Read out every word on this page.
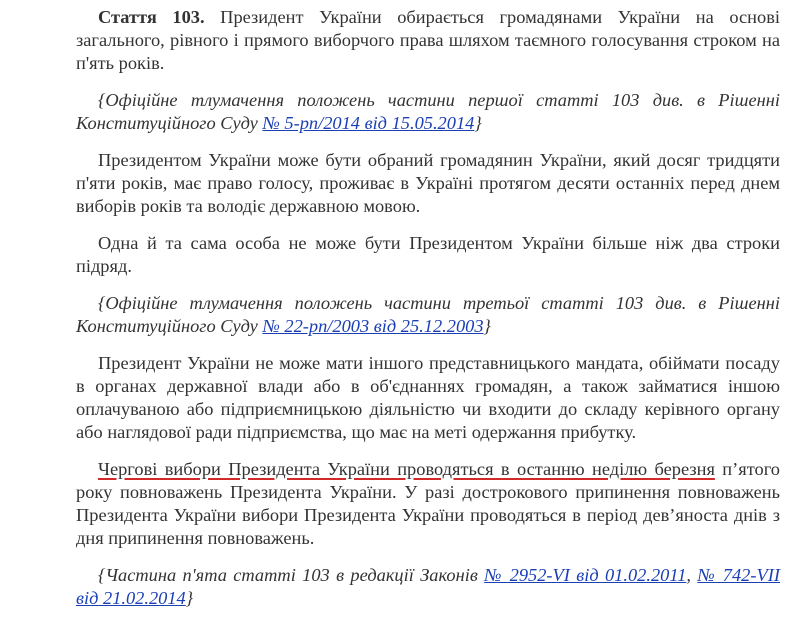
Стаття 103. Президент України обирається громадянами України на основі загального, рівного і прямого виборчого права шляхом таємного голосування строком на п'ять років.

{Офіційне тлумачення положень частини першої статті 103 див. в Рішенні Конституційного Суду № 5-рп/2014 від 15.05.2014}

Президентом України може бути обраний громадянин України, який досяг тридцяти п'яти років, має право голосу, проживає в Україні протягом десяти останніх перед днем виборів років та володіє державною мовою.

Одна й та сама особа не може бути Президентом України більше ніж два строки підряд.

{Офіційне тлумачення положень частини третьої статті 103 див. в Рішенні Конституційного Суду № 22-рп/2003 від 25.12.2003}

Президент України не може мати іншого представницького мандата, обіймати посаду в органах державної влади або в об'єднаннях громадян, а також займатися іншою оплачуваною або підприємницькою діяльністю чи входити до складу керівного органу або наглядової ради підприємства, що має на меті одержання прибутку.

Чергові вибори Президента України проводяться в останню неділю березня п’ятого року повноважень Президента України. У разі дострокового припинення повноважень Президента України вибори Президента України проводяться в період дев’яноста днів з дня припинення повноважень.

{Частина п'ята статті 103 в редакції Законів № 2952-VI від 01.02.2011, № 742-VII від 21.02.2014}
